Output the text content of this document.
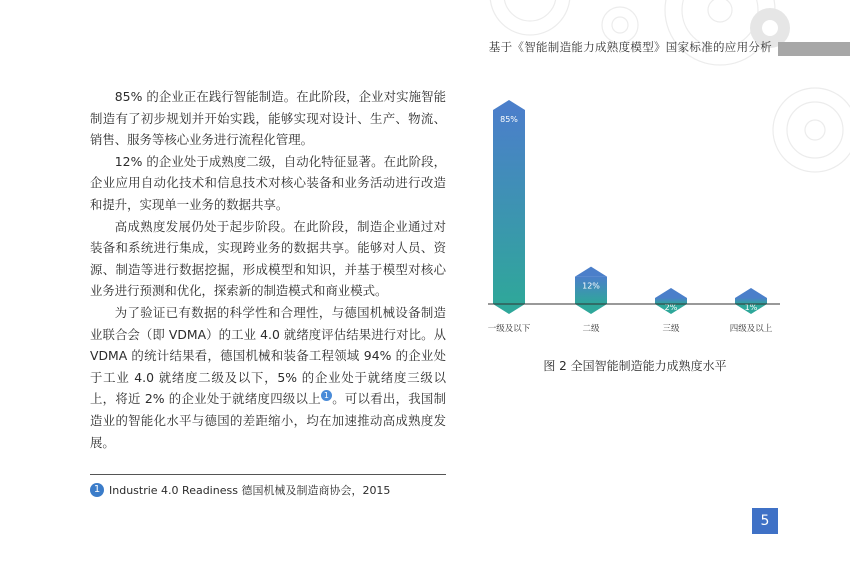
基于《智能制造能力成熟度模型》国家标准的应用分析

85% 的企业正在践行智能制造。在此阶段，企业对实施智能制造有了初步规划并开始实践，能够实现对设计、生产、物流、销售、服务等核心业务进行流程化管理。

12% 的企业处于成熟度二级，自动化特征显著。在此阶段，企业应用自动化技术和信息技术对核心装备和业务活动进行改造和提升，实现单一业务的数据共享。

高成熟度发展仍处于起步阶段。在此阶段，制造企业通过对装备和系统进行集成，实现跨业务的数据共享。能够对人员、资源、制造等进行数据挖掘，形成模型和知识，并基于模型对核心业务进行预测和优化，探索新的制造模式和商业模式。

为了验证已有数据的科学性和合理性，与德国机械设备制造业联合会（即 VDMA）的工业 4.0 就绪度评估结果进行对比。从 VDMA 的统计结果看，德国机械和装备工程领域 94% 的企业处于工业 4.0 就绪度二级及以下，5% 的企业处于就绪度三级以上，将近 2% 的企业处于就绪度四级以上 1 。可以看出，我国制造业的智能化水平与德国的差距缩小，均在加速推动高成熟度发展。

1 Industrie 4.0 Readiness 德国机械及制造商协会，2015
85%
一级及以下
12%
二级
2%
三级
1%
四级及以上
图 2 全国智能制造能力成熟度水平
5
